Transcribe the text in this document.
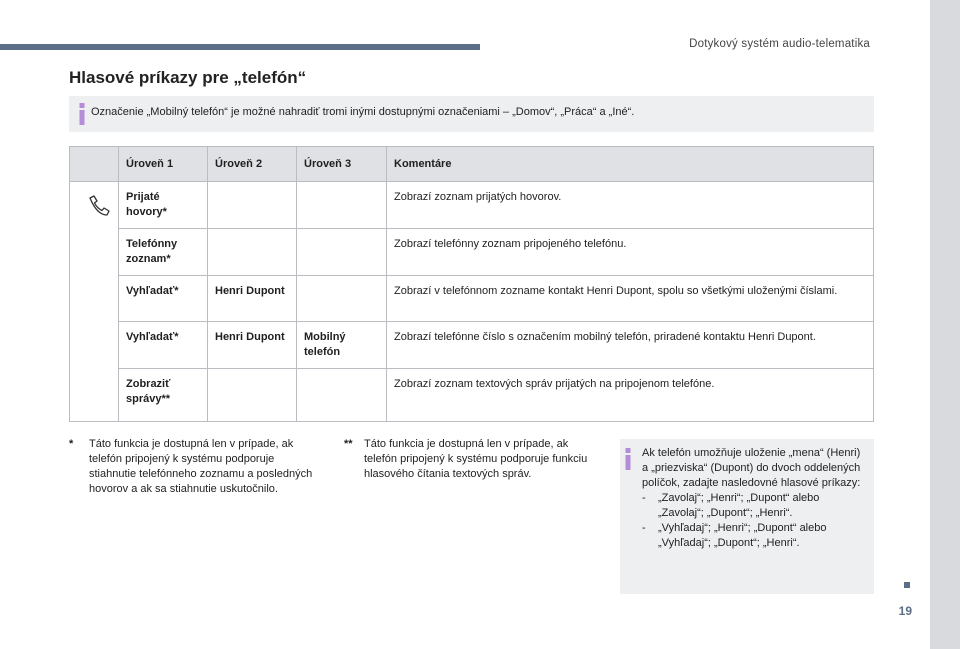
Dotykový systém audio-telematika
19
Hlasové príkazy pre „telefón“
Označenie „Mobilný telefón“ je možné nahradiť tromi inými dostupnými označeniami – „Domov“, „Práca“ a „Iné“.
	Úroveň 1	Úroveň 2	Úroveň 3	Komentáre

	Prijaté hovory*			Zobrazí zoznam prijatých hovorov.
	Telefónny zoznam*			Zobrazí telefónny zoznam pripojeného telefónu.
	Vyhľadať*	Henri Dupont		Zobrazí v telefónnom zozname kontakt Henri Dupont, spolu so všetkými uloženými číslami.
	Vyhľadať*	Henri Dupont	Mobilný telefón	Zobrazí telefónne číslo s označením mobilný telefón, priradené kontaktu Henri Dupont.
	Zobraziť správy**			Zobrazí zoznam textových správ prijatých na pripojenom telefóne.
* Táto funkcia je dostupná len v prípade, ak telefón pripojený k systému podporuje stiahnutie telefónneho zoznamu a posledných hovorov a ak sa stiahnutie uskutočnilo.
** Táto funkcia je dostupná len v prípade, ak telefón pripojený k systému podporuje funkciu hlasového čítania textových správ.

Ak telefón umožňuje uloženie „mena“ (Henri) a „priezviska“ (Dupont) do dvoch oddelených políčok, zadajte nasledovné hlasové príkazy:

- „Zavolaj“; „Henri“; „Dupont“ alebo „Zavolaj“; „Dupont“; „Henri“.
- „Vyhľadaj“; „Henri“; „Dupont“ alebo „Vyhľadaj“; „Dupont“; „Henri“.
